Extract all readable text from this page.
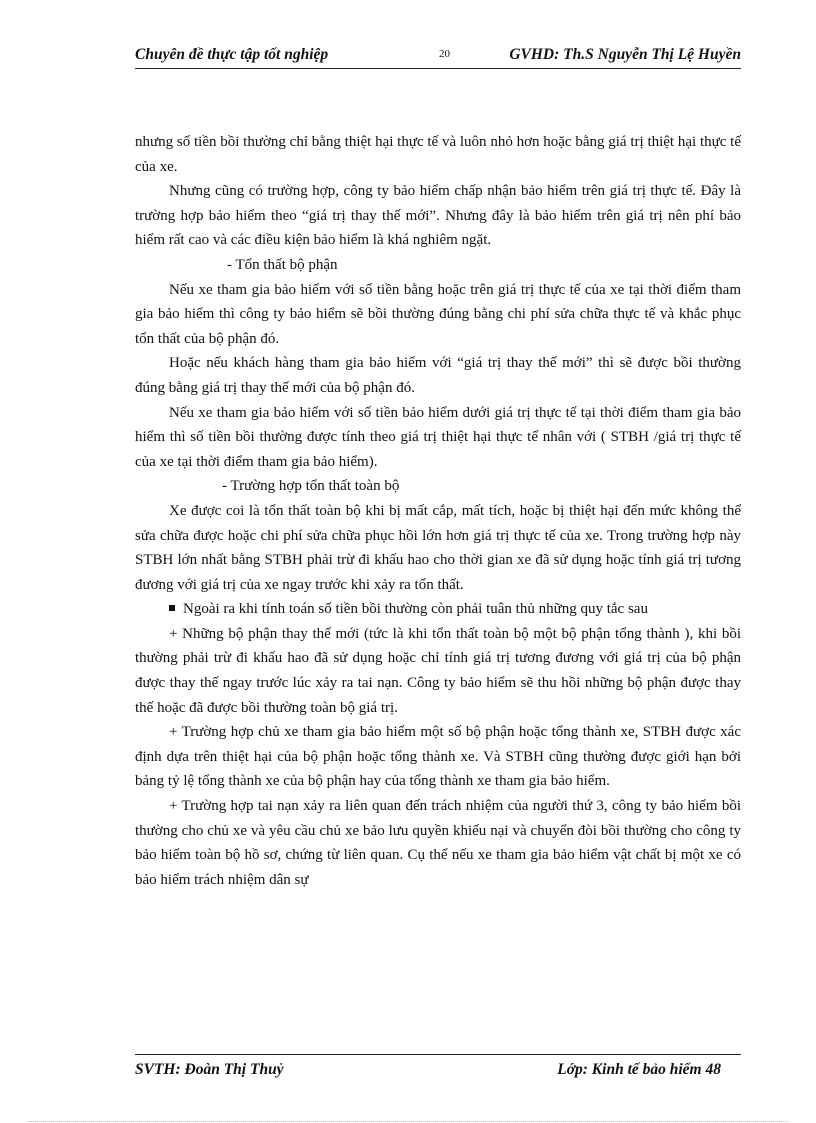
Chuyên đề thực tập tốt nghiệp	20	GVHD: Th.S Nguyễn Thị Lệ Huyền

nhưng số tiền bồi thường chỉ bằng thiệt hại thực tế và luôn nhỏ hơn hoặc bằng giá trị thiệt hại thực tế của xe.

Nhưng cũng có trường hợp, công ty bảo hiểm chấp nhận bảo hiểm trên giá trị thực tế. Đây là trường hợp bảo hiểm theo “giá trị thay thế mới”. Nhưng đây là bảo hiểm trên giá trị nên phí bảo hiểm rất cao và các điều kiện bảo hiểm là khá nghiêm ngặt.

- Tổn thất bộ phận

Nếu xe tham gia bảo hiểm với số tiền bằng hoặc trên giá trị thực tế của xe tại thời điểm tham gia bảo hiểm thì công ty bảo hiểm sẽ bồi thường đúng bằng chi phí sửa chữa thực tế và khắc phục tổn thất của bộ phận đó.

Hoặc nếu khách hàng tham gia bảo hiểm với “giá trị thay thế mới” thì sẽ được bồi thường đúng bằng giá trị thay thế mới của bộ phận đó.

Nếu xe tham gia bảo hiểm với số tiền bảo hiểm dưới giá trị thực tế tại thời điểm tham gia bảo hiểm thì số tiền bồi thường được tính theo giá trị thiệt hại thực tế nhân với ( STBH /giá trị thực tế của xe tại thời điểm tham gia bảo hiểm).

- Trường hợp tổn thất toàn bộ

Xe được coi là tổn thất toàn bộ khi bị mất cắp, mất tích, hoặc bị thiệt hại đến mức không thể sửa chữa được hoặc chi phí sửa chữa phục hồi lớn hơn giá trị thực tế của xe. Trong trường hợp này STBH lớn nhất bằng STBH phải trừ đi khấu hao cho thời gian xe đã sử dụng hoặc tính giá trị tương đương với giá trị của xe ngay trước khi xảy ra tổn thất.

Ngoài ra khi tính toán số tiền bồi thường còn phải tuân thủ những quy tắc sau

+ Những bộ phận thay thế mới (tức là khi tổn thất toàn bộ một bộ phận tổng thành ), khi bồi thường phải trừ đi khấu hao đã sử dụng hoặc chỉ tính giá trị tương đương với giá trị của bộ phận được thay thế ngay trước lúc xảy ra tai nạn. Công ty bảo hiểm sẽ thu hồi những bộ phận được thay thế hoặc đã được bồi thường toàn bộ giá trị.

+ Trường hợp chủ xe tham gia bảo hiểm một số bộ phận hoặc tổng thành xe, STBH được xác định dựa trên thiệt hại của bộ phận hoặc tổng thành xe. Và STBH cũng thường được giới hạn bởi bảng tỷ lệ tổng thành xe của bộ phận hay của tổng thành xe tham gia bảo hiểm.

+ Trường hợp tai nạn xảy ra liên quan đến trách nhiệm của người thứ 3, công ty bảo hiểm bồi thường cho chủ xe và yêu cầu chủ xe bảo lưu quyền khiếu nại và chuyển đòi bồi thường cho công ty bảo hiểm toàn bộ hồ sơ, chứng từ liên quan. Cụ thể nếu xe tham gia bảo hiểm vật chất bị một xe có bảo hiểm trách nhiệm dân sự

SVTH: Đoàn Thị Thuỷ	Lớp: Kinh tế bảo hiểm 48
